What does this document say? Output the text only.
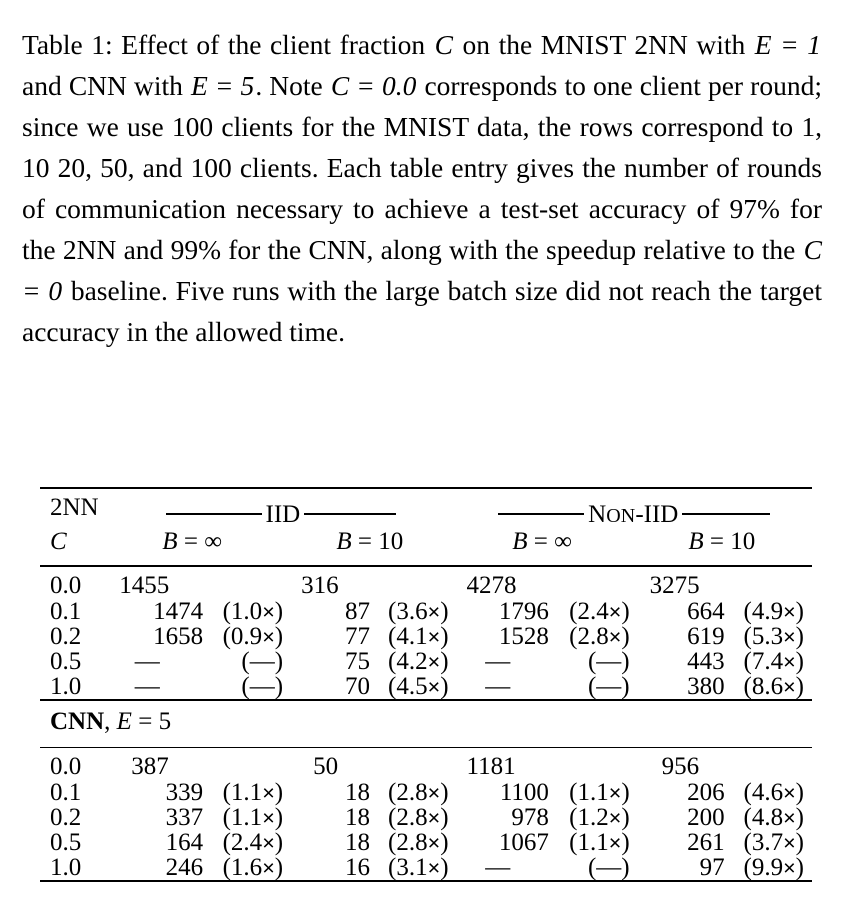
Table 1: Effect of the client fraction C on the MNIST 2NN with E = 1 and CNN with E = 5. Note C = 0.0 corresponds to one client per round; since we use 100 clients for the MNIST data, the rows correspond to 1, 10 20, 50, and 100 clients. Each table entry gives the number of rounds of communication necessary to achieve a test-set accuracy of 97% for the 2NN and 99% for the CNN, along with the speedup relative to the C = 0 baseline. Five runs with the large batch size did not reach the target accuracy in the allowed time.

2NN	IID				NON-IID			

C	B = ∞		B = 10		B = ∞		B = 10	

0.0	1455		316		4278		3275	
0.1	1474	(1.0×)	87	(3.6×)	1796	(2.4×)	664	(4.9×)
0.2	1658	(0.9×)	77	(4.1×)	1528	(2.8×)	619	(5.3×)
0.5	—	(—)	75	(4.2×)	—	(—)	443	(7.4×)
1.0	—	(—)	70	(4.5×)	—	(—)	380	(8.6×)

CNN, E = 5								

0.0	387		50		1181		956	
0.1	339	(1.1×)	18	(2.8×)	1100	(1.1×)	206	(4.6×)
0.2	337	(1.1×)	18	(2.8×)	978	(1.2×)	200	(4.8×)
0.5	164	(2.4×)	18	(2.8×)	1067	(1.1×)	261	(3.7×)
1.0	246	(1.6×)	16	(3.1×)	—	(—)	97	(9.9×)
